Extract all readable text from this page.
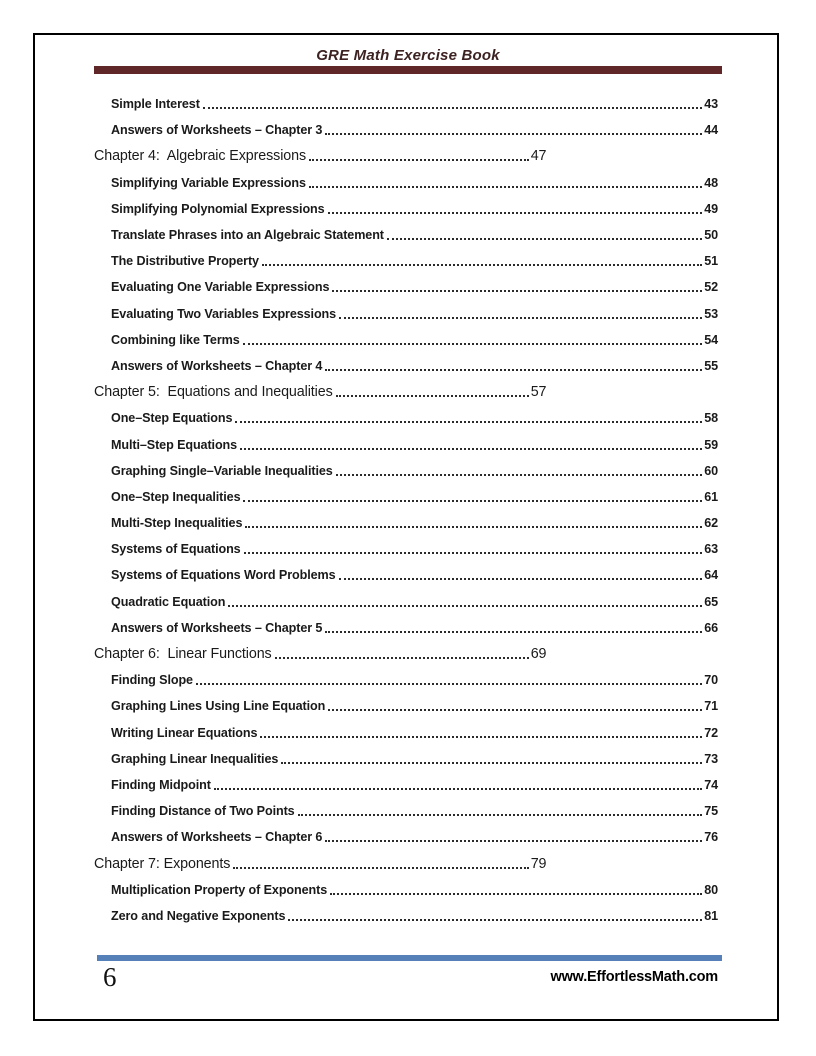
GRE Math Exercise Book
Simple Interest	43
Answers of Worksheets – Chapter 3	44
Chapter 4:  Algebraic Expressions	47
Simplifying Variable Expressions	48
Simplifying Polynomial Expressions	49
Translate Phrases into an Algebraic Statement	50
The Distributive Property	51
Evaluating One Variable Expressions	52
Evaluating Two Variables Expressions	53
Combining like Terms	54
Answers of Worksheets – Chapter 4	55
Chapter 5:  Equations and Inequalities	57
One–Step Equations	58
Multi–Step Equations	59
Graphing Single–Variable Inequalities	60
One–Step Inequalities	61
Multi-Step Inequalities	62
Systems of Equations	63
Systems of Equations Word Problems	64
Quadratic Equation	65
Answers of Worksheets – Chapter 5	66
Chapter 6:  Linear Functions	69
Finding Slope	70
Graphing Lines Using Line Equation	71
Writing Linear Equations	72
Graphing Linear Inequalities	73
Finding Midpoint	74
Finding Distance of Two Points	75
Answers of Worksheets – Chapter 6	76
Chapter 7: Exponents	79
Multiplication Property of Exponents	80
Zero and Negative Exponents	81
6	www.EffortlessMath.com
